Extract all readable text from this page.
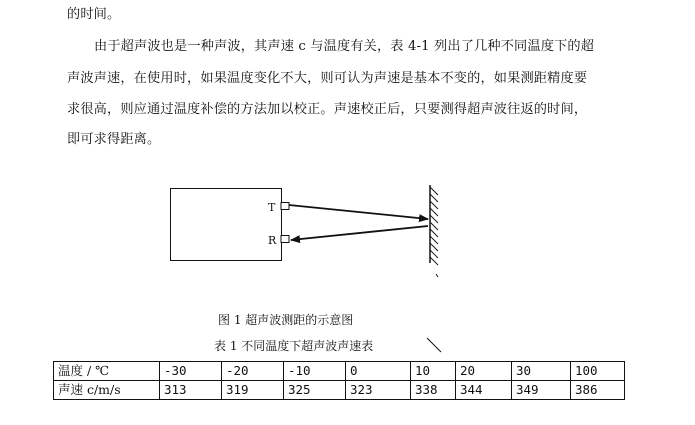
的时间。
由于超声波也是一种声波，其声速 c 与温度有关，表 4-1 列出了几种不同温度下的超
声波声速，在使用时，如果温度变化不大，则可认为声速是基本不变的，如果测距精度要
求很高，则应通过温度补偿的方法加以校正。声速校正后，只要测得超声波往返的时间，
即可求得距离。
T
R
图 1 超声波测距的示意图
表 1 不同温度下超声波声速表
温度 / ℃	-30	-20	-10	0	10	20	30	100
声速 c/m/s	313	319	325	323	338	344	349	386
